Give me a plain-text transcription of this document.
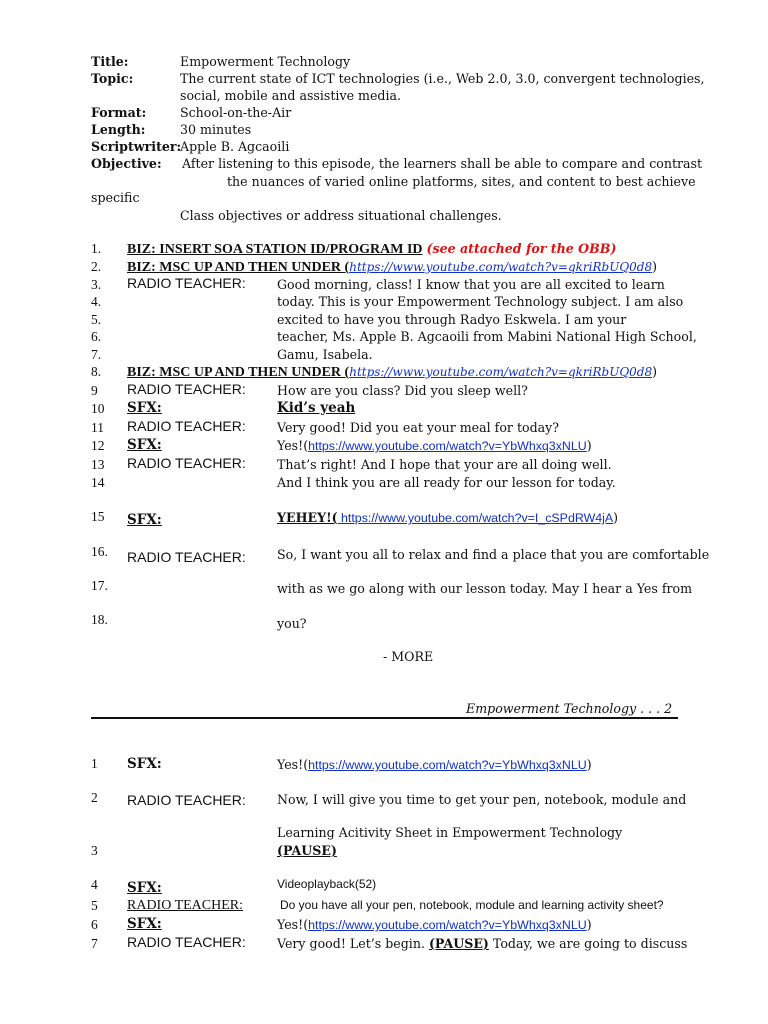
Title:	Empowerment Technology
Topic:	The current state of ICT technologies (i.e., Web 2.0, 3.0, convergent technologies,
social, mobile and assistive media.
Format:	School-on-the-Air
Length:	30 minutes
Scriptwriter:
Apple B. Agcaoili
Objective: After listening to this episode, the learners shall be able to compare and contrast
the nuances of varied online platforms, sites, and content to best achieve
specific
Class objectives or address situational challenges.
1. BIZ: INSERT SOA STATION ID/PROGRAM ID (see attached for the OBB)
2. BIZ: MSC UP AND THEN UNDER (https://www.youtube.com/watch?v=qkriRbUQ0d8)
3. RADIO TEACHER: Good morning, class! I know that you are all excited to learn
4.	today. This is your Empowerment Technology subject. I am also
5.	excited to have you through Radyo Eskwela. I am your
6.	teacher, Ms. Apple B. Agcaoili from Mabini National High School,
7.	Gamu, Isabela.
8. BIZ: MSC UP AND THEN UNDER (https://www.youtube.com/watch?v=qkriRbUQ0d8)
9 RADIO TEACHER: How are you class? Did you sleep well?
10 SFX:	Kid’s yeah
11 RADIO TEACHER: Very good! Did you eat your meal for today?
12 SFX:	Yes!(https://www.youtube.com/watch?v=YbWhxq3xNLU)
13 RADIO TEACHER: That’s right! And I hope that your are all doing well.
14	And I think you are all ready for our lesson for today.
15 SFX:	YEHEY!( https://www.youtube.com/watch?v=I_cSPdRW4jA)
16. RADIO TEACHER: So, I want you all to relax and find a place that you are comfortable
17.	with as we go along with our lesson today. May I hear a Yes from
18.	you?
- MORE
Empowerment Technology . . . 2
1 SFX:	Yes!(https://www.youtube.com/watch?v=YbWhxq3xNLU)
2 RADIO TEACHER: Now, I will give you time to get your pen, notebook, module and
Learning Acitivity Sheet in Empowerment Technology
3	(PAUSE)
4 SFX:	Videoplayback(52)
5 RADIO TEACHER:	Do you have all your pen, notebook, module and learning activity sheet?
6 SFX:	Yes!(https://www.youtube.com/watch?v=YbWhxq3xNLU)
7 RADIO TEACHER: Very good! Let’s begin. (PAUSE) Today, we are going to discuss
